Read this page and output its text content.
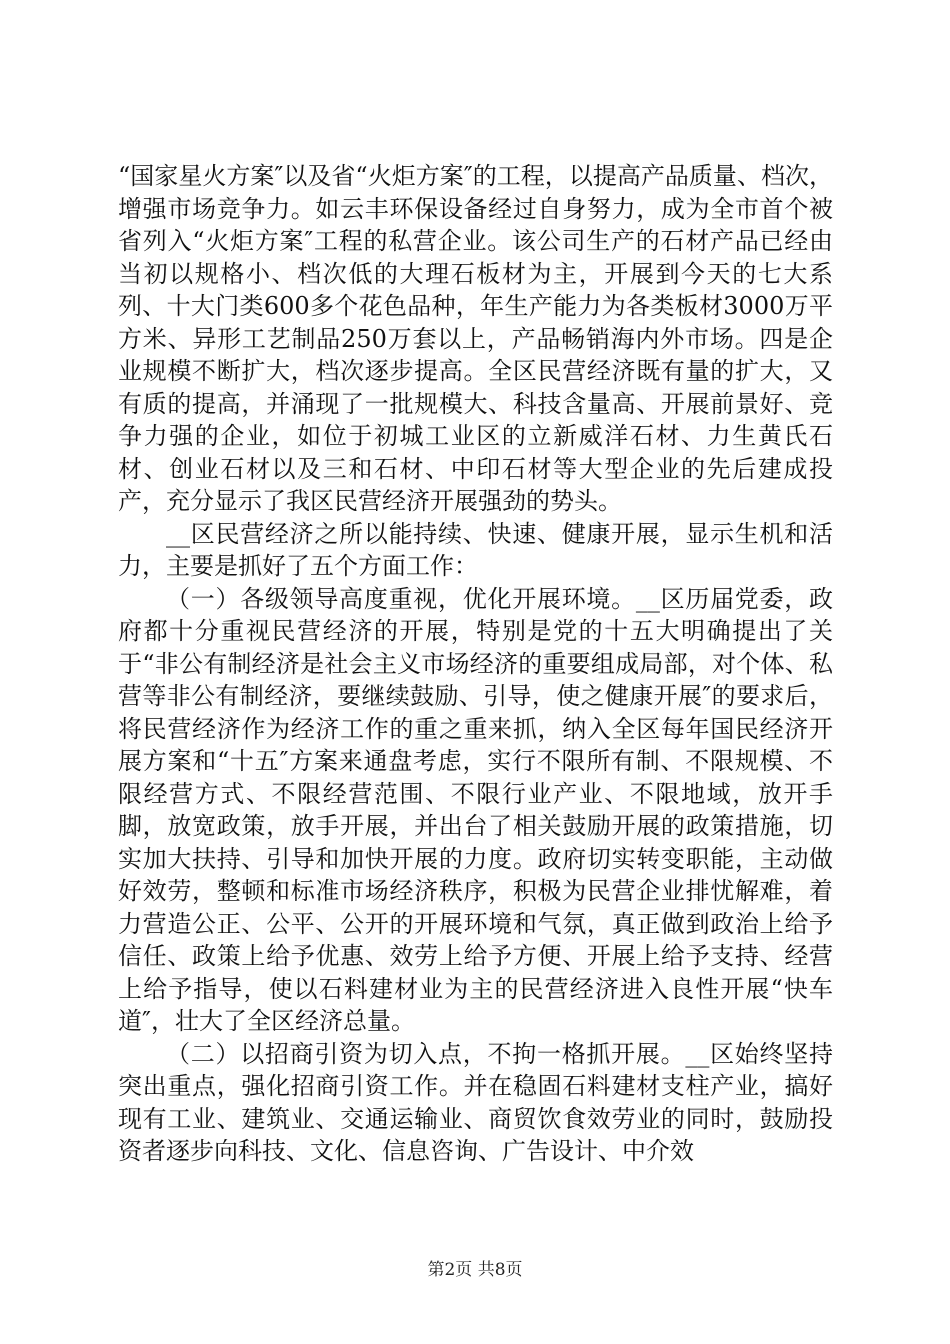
“国家星火方案″以及省“火炬方案″的工程，以提高产品质量、档次，增强市场竞争力。如云丰环保设备经过自身努力，成为全市首个被省列入“火炬方案″工程的私营企业。该公司生产的石材产品已经由当初以规格小、档次低的大理石板材为主，开展到今天的七大系列、十大门类600多个花色品种，年生产能力为各类板材3000万平方米、异形工艺制品250万套以上，产品畅销海内外市场。四是企业规模不断扩大，档次逐步提高。全区民营经济既有量的扩大，又有质的提高，并涌现了一批规模大、科技含量高、开展前景好、竞争力强的企业，如位于初城工业区的立新威洋石材、力生黄氏石材、创业石材以及三和石材、中印石材等大型企业的先后建成投产，充分显示了我区民营经济开展强劲的势头。

__区民营经济之所以能持续、快速、健康开展，显示生机和活力，主要是抓好了五个方面工作：

（一）各级领导高度重视，优化开展环境。__区历届党委，政府都十分重视民营经济的开展，特别是党的十五大明确提出了关于“非公有制经济是社会主义市场经济的重要组成局部，对个体、私营等非公有制经济，要继续鼓励、引导，使之健康开展″的要求后，将民营经济作为经济工作的重之重来抓，纳入全区每年国民经济开展方案和“十五″方案来通盘考虑，实行不限所有制、不限规模、不限经营方式、不限经营范围、不限行业产业、不限地域，放开手脚，放宽政策，放手开展，并出台了相关鼓励开展的政策措施，切实加大扶持、引导和加快开展的力度。政府切实转变职能，主动做好效劳，整顿和标准市场经济秩序，积极为民营企业排忧解难，着力营造公正、公平、公开的开展环境和气氛，真正做到政治上给予信任、政策上给予优惠、效劳上给予方便、开展上给予支持、经营上给予指导，使以石料建材业为主的民营经济进入良性开展“快车道″，壮大了全区经济总量。

（二）以招商引资为切入点，不拘一格抓开展。__区始终坚持突出重点，强化招商引资工作。并在稳固石料建材支柱产业，搞好现有工业、建筑业、交通运输业、商贸饮食效劳业的同时，鼓励投资者逐步向科技、文化、信息咨询、广告设计、中介效

第2页 共8页
